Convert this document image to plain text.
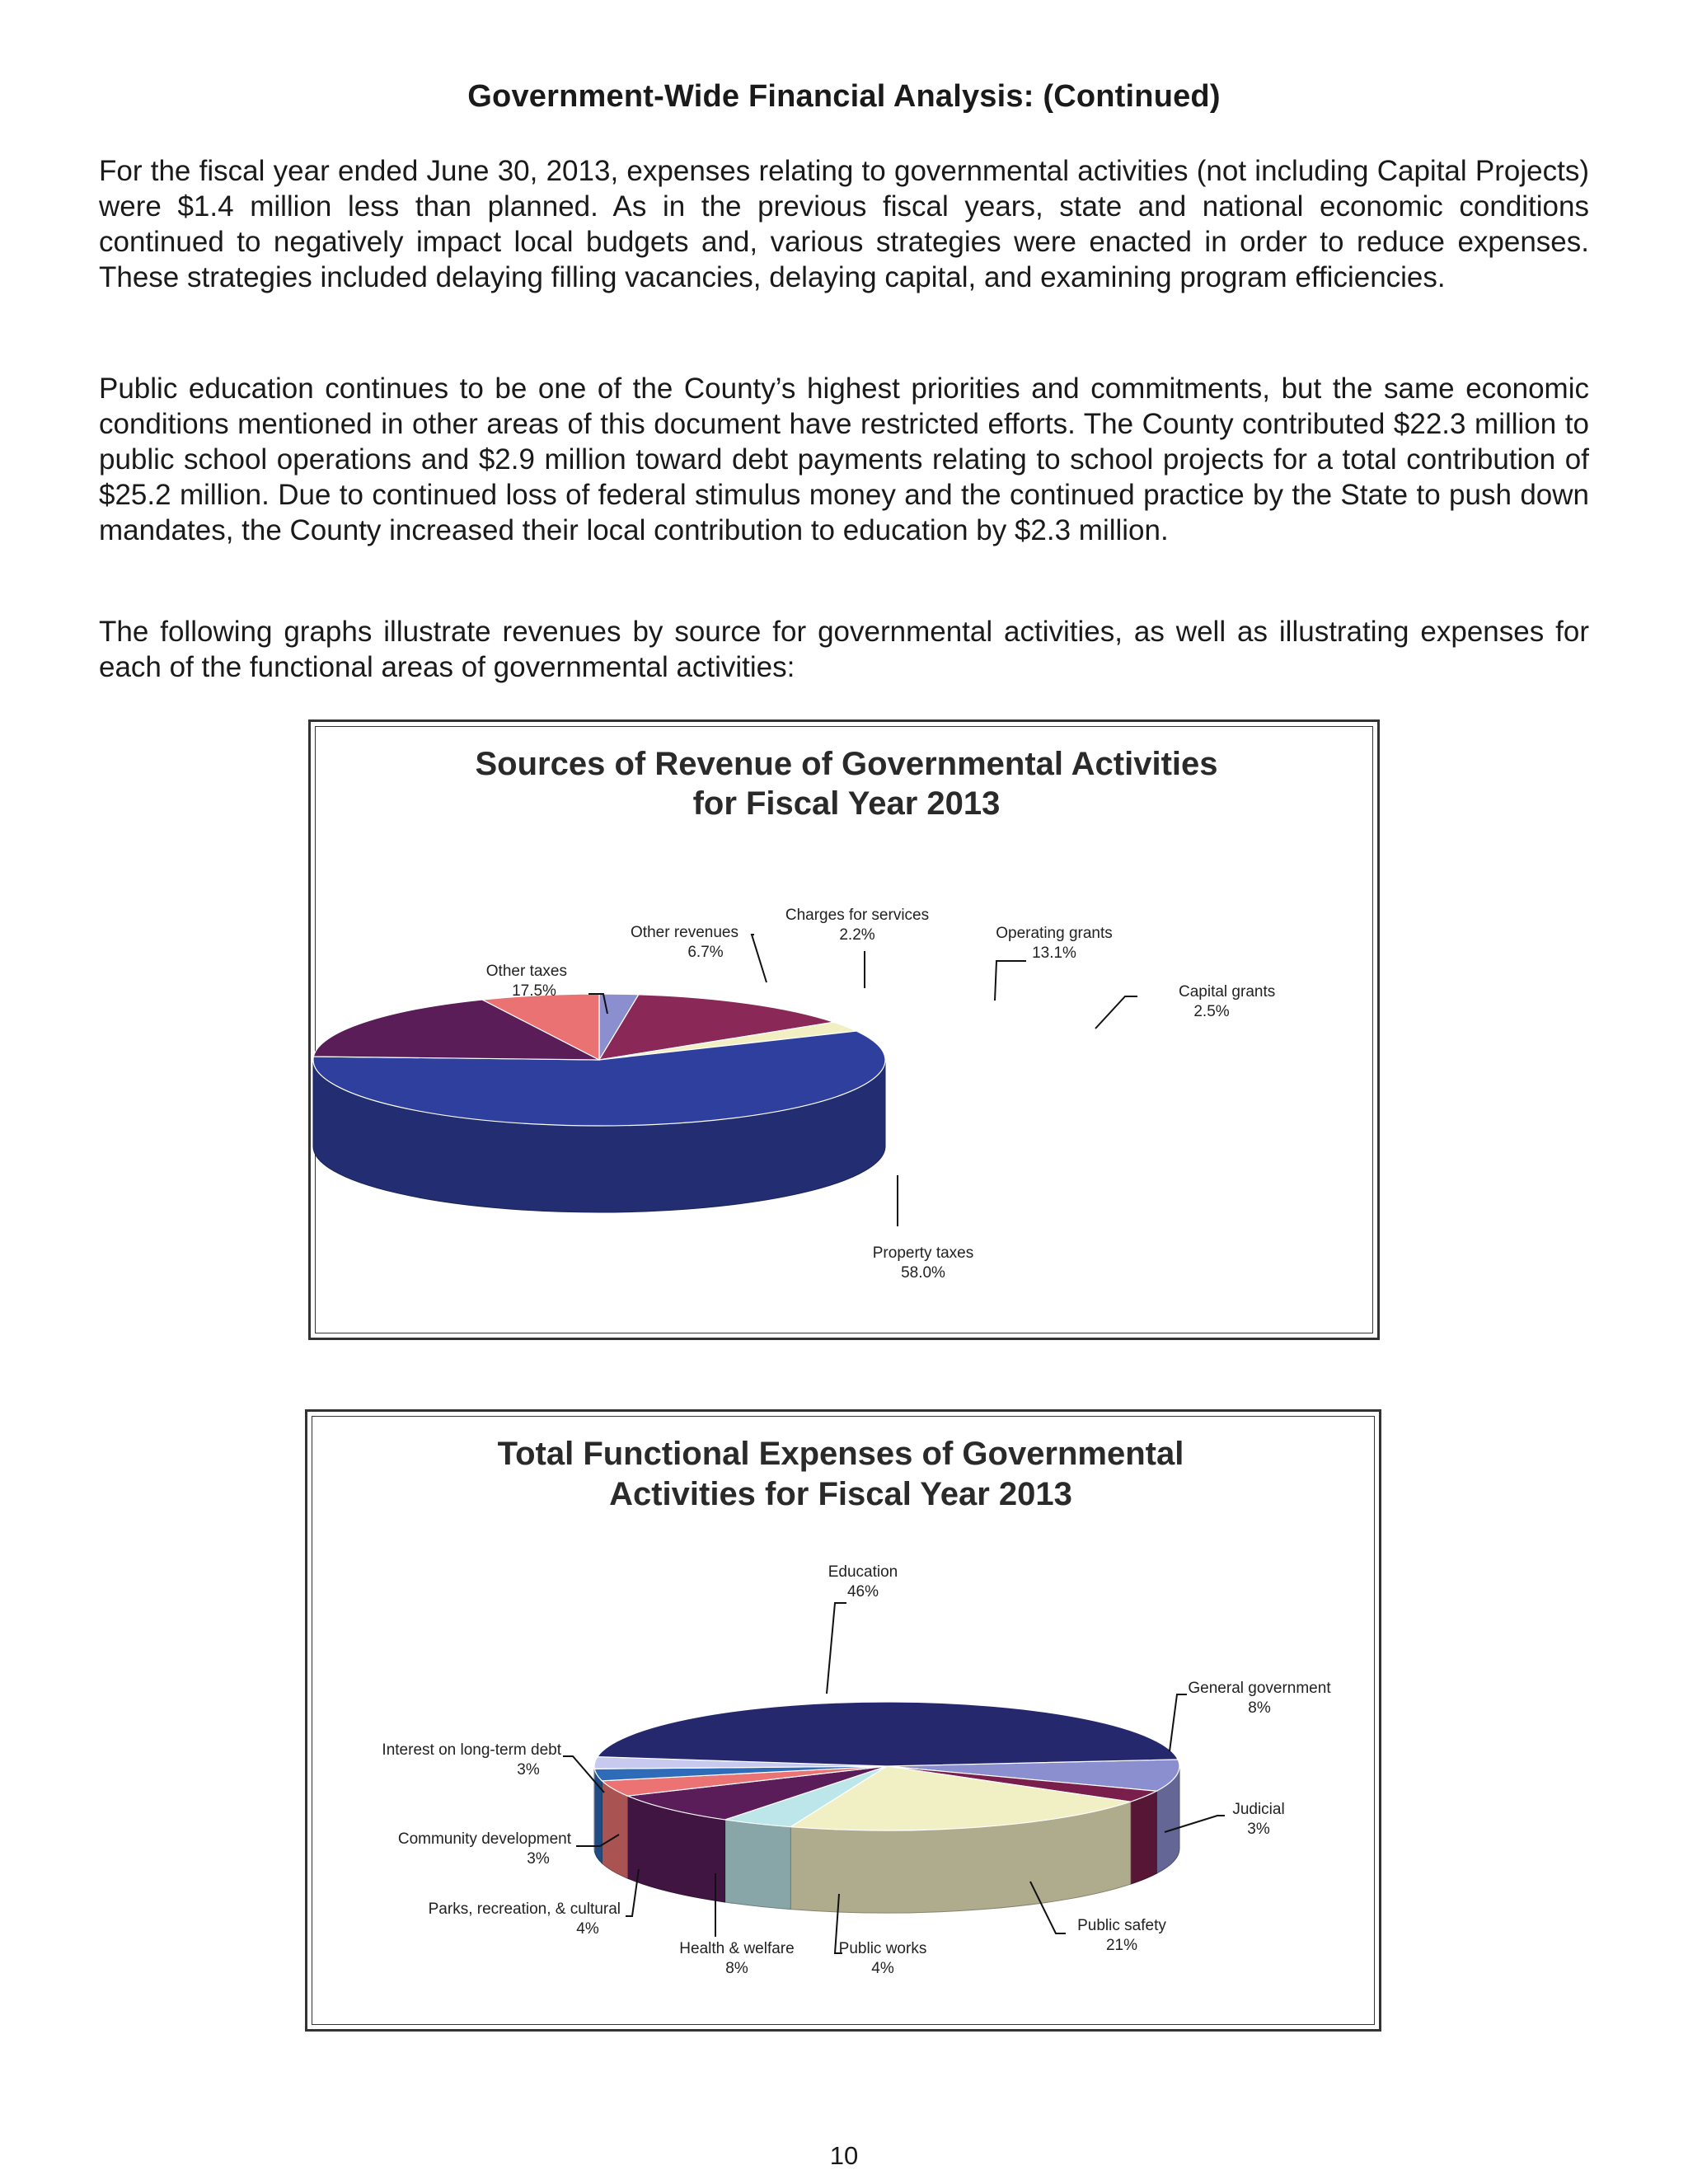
Government-Wide Financial Analysis: (Continued)

For the fiscal year ended June 30, 2013, expenses relating to governmental activities (not including Capital Projects) were $1.4 million less than planned. As in the previous fiscal years, state and national economic conditions continued to negatively impact local budgets and, various strategies were enacted in order to reduce expenses. These strategies included delaying filling vacancies, delaying capital, and examining program efficiencies.

Public education continues to be one of the County’s highest priorities and commitments, but the same economic conditions mentioned in other areas of this document have restricted efforts. The County contributed $22.3 million to public school operations and $2.9 million toward debt payments relating to school projects for a total contribution of $25.2 million. Due to continued loss of federal stimulus money and the continued practice by the State to push down mandates, the County increased their local contribution to education by $2.3 million.

The following graphs illustrate revenues by source for governmental activities, as well as illustrating expenses for each of the functional areas of governmental activities:

Sources of Revenue of Governmental Activities
for Fiscal Year 2013
Charges for services
2.2%	Operating grants
13.1%
Capital grants
2.5%
Property taxes
58.0%
Other taxes
17.5%
Other revenues
6.7%
Total Functional Expenses of Governmental
Activities for Fiscal Year 2013
General government
8%
Judicial
3%
Public safety
21%
Public works
4%
Health & welfare
8%
Parks, recreation, & cultural
4%
Community development
3%
Interest on long-term debt
3%
Education
46%
10
